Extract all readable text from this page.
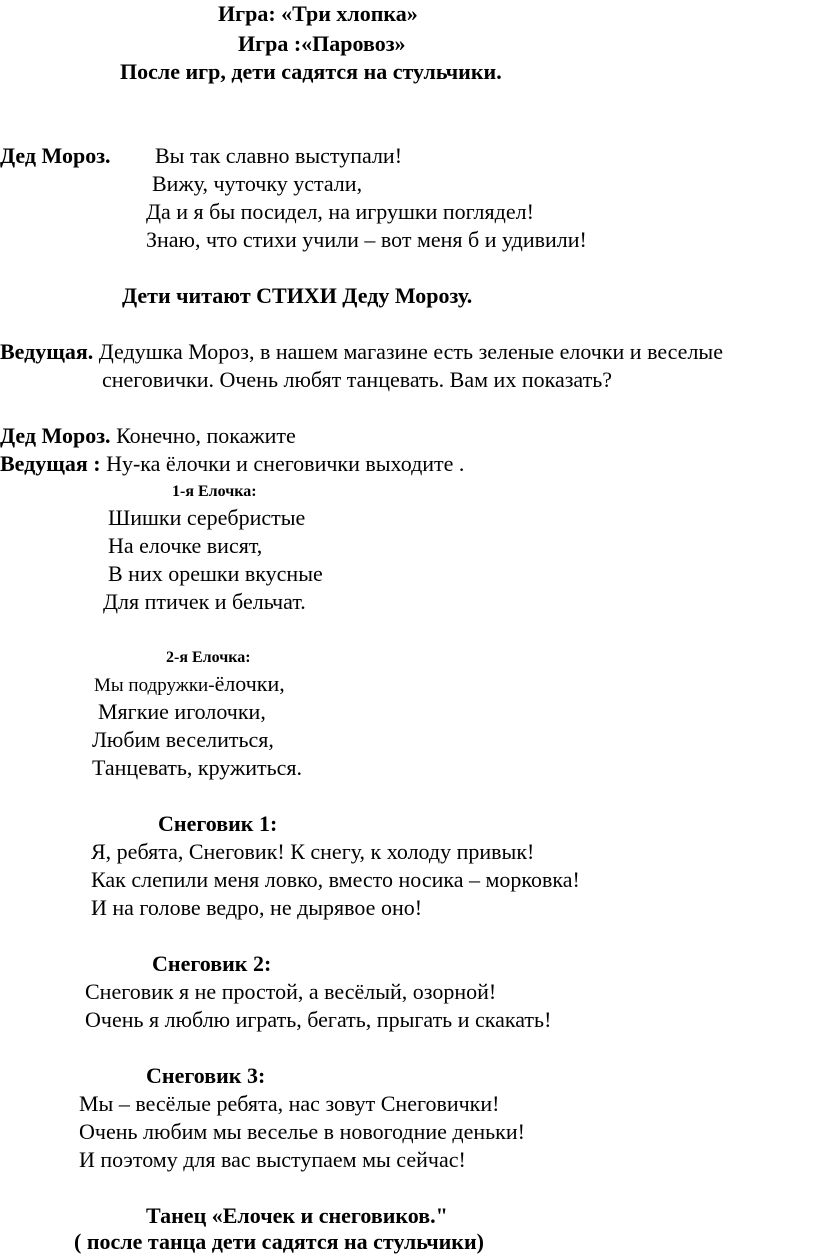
Игра: «Три хлопка»
Игра :«Паровоз»
После игр, дети садятся на стульчики.
Дед Мороз. Вы так славно выступали!
Вижу, чуточку устали,
Да и я бы посидел, на игрушки поглядел!
Знаю, что стихи учили – вот меня б и удивили!
Дети читают СТИХИ Деду Морозу.
Ведущая. Дедушка Мороз, в нашем магазине есть зеленые елочки и веселые
снеговички. Очень любят танцевать. Вам их показать?
Дед Мороз. Конечно, покажите
Ведущая : Ну-ка ёлочки и снеговички выходите .
1-я Елочка:
Шишки серебристые
На елочке висят,
В них орешки вкусные
Для птичек и бельчат.
2-я Елочка:
Мы подружки-ёлочки,
Мягкие иголочки,
Любим веселиться,
Танцевать, кружиться.
Снеговик 1:
Я, ребята, Снеговик! К снегу, к холоду привык!
Как слепили меня ловко, вместо носика – морковка!
И на голове ведро, не дырявое оно!
Снеговик 2:
Снеговик я не простой, а весёлый, озорной!
Очень я люблю играть, бегать, прыгать и скакать!
Снеговик 3:
Мы – весёлые ребята, нас зовут Снеговички!
Очень любим мы веселье в новогодние деньки!
И поэтому для вас выступаем мы сейчас!
Танец «Елочек и снеговиков."
( после танца дети садятся на стульчики)
